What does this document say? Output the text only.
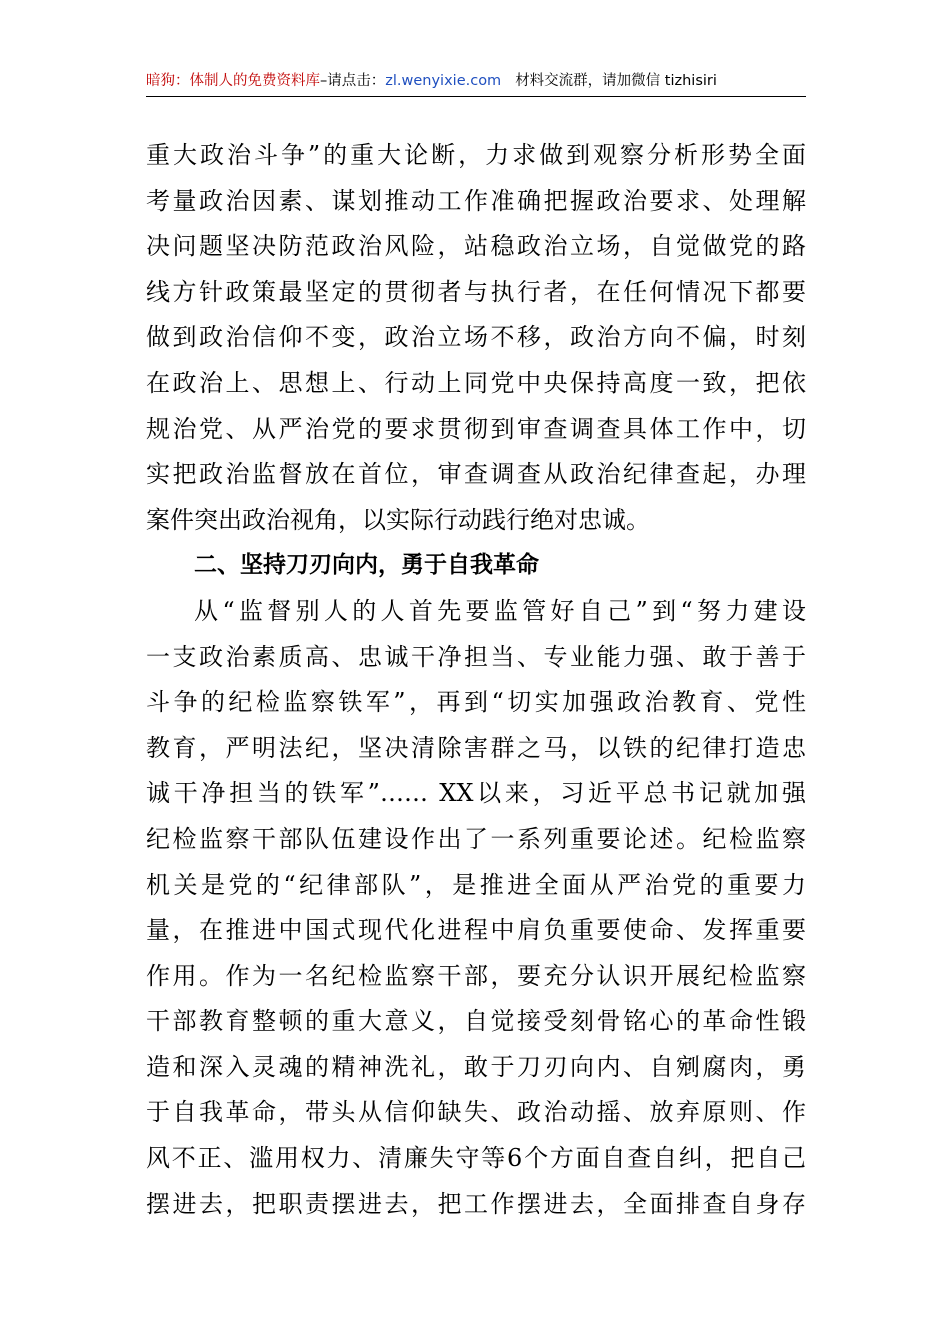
暗狗：体制人的免费资料库–请点击：zl.wenyixie.com 材料交流群，请加微信 tizhisiri
重大政治斗争”的重大论断，力求做到观察分析形势全面
考量政治因素、谋划推动工作准确把握政治要求、处理解
决问题坚决防范政治风险，站稳政治立场，自觉做党的路
线方针政策最坚定的贯彻者与执行者，在任何情况下都要
做到政治信仰不变，政治立场不移，政治方向不偏，时刻
在政治上、思想上、行动上同党中央保持高度一致，把依
规治党、从严治党的要求贯彻到审查调查具体工作中，切
实把政治监督放在首位，审查调查从政治纪律查起，办理
案件突出政治视角，以实际行动践行绝对忠诚。
二、坚持刀刃向内，勇于自我革命
从“监督别人的人首先要监管好自己”到“努力建设
一支政治素质高、忠诚干净担当、专业能力强、敢于善于
斗争的纪检监察铁军”，再到“切实加强政治教育、党性
教育，严明法纪，坚决清除害群之马，以铁的纪律打造忠
诚干净担当的铁军”…… XX以来，习近平总书记就加强
纪检监察干部队伍建设作出了一系列重要论述。纪检监察
机关是党的“纪律部队”，是推进全面从严治党的重要力
量，在推进中国式现代化进程中肩负重要使命、发挥重要
作用。作为一名纪检监察干部，要充分认识开展纪检监察
干部教育整顿的重大意义，自觉接受刻骨铭心的革命性锻
造和深入灵魂的精神洗礼，敢于刀刃向内、自剜腐肉，勇
于自我革命，带头从信仰缺失、政治动摇、放弃原则、作
风不正、滥用权力、清廉失守等6个方面自查自纠，把自己
摆进去，把职责摆进去，把工作摆进去，全面排查自身存
